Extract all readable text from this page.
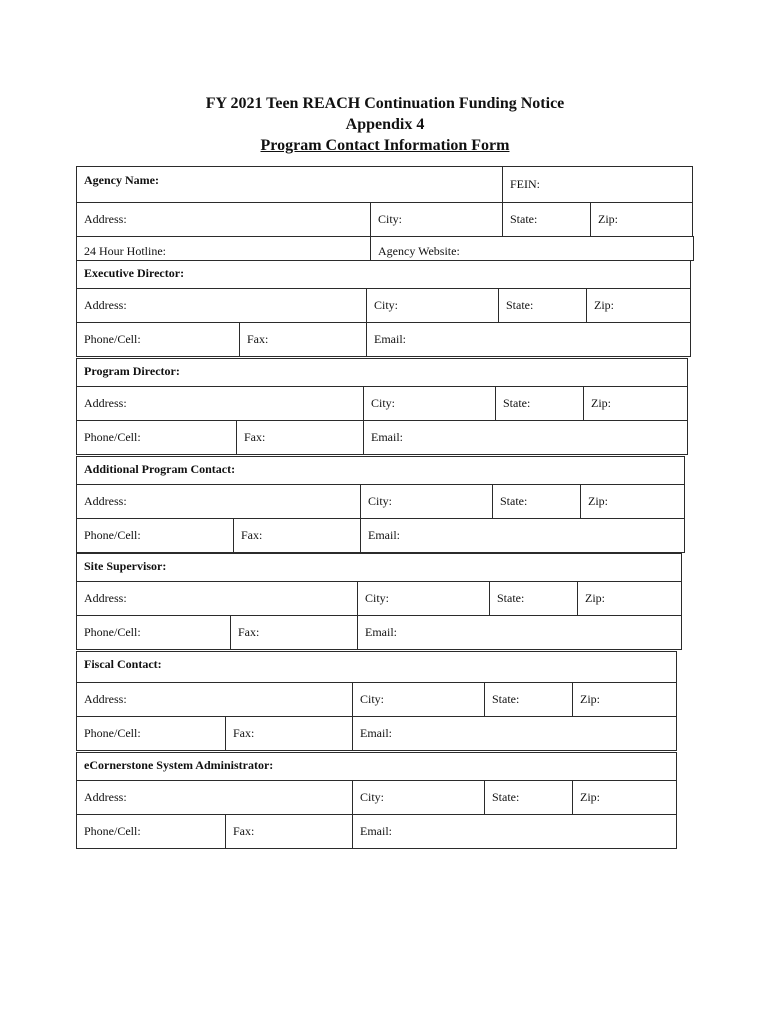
FY 2021 Teen REACH Continuation Funding Notice
Appendix 4
Program Contact Information Form
Agency Name:	FEIN:
Address:	City:	State:	Zip:
24 Hour Hotline:	Agency Website:
Executive Director:
Address:	City:	State:	Zip:
Phone/Cell:	Fax:	Email:
Program Director:
Address:	City:	State:	Zip:
Phone/Cell:	Fax:	Email:
Additional Program Contact:
Address:	City:	State:	Zip:
Phone/Cell:	Fax:	Email:
Site Supervisor:
Address:	City:	State:	Zip:
Phone/Cell:	Fax:	Email:
Fiscal Contact:
Address:	City:	State:	Zip:
Phone/Cell:	Fax:	Email:
eCornerstone System Administrator:
Address:	City:	State:	Zip:
Phone/Cell:	Fax:	Email:
